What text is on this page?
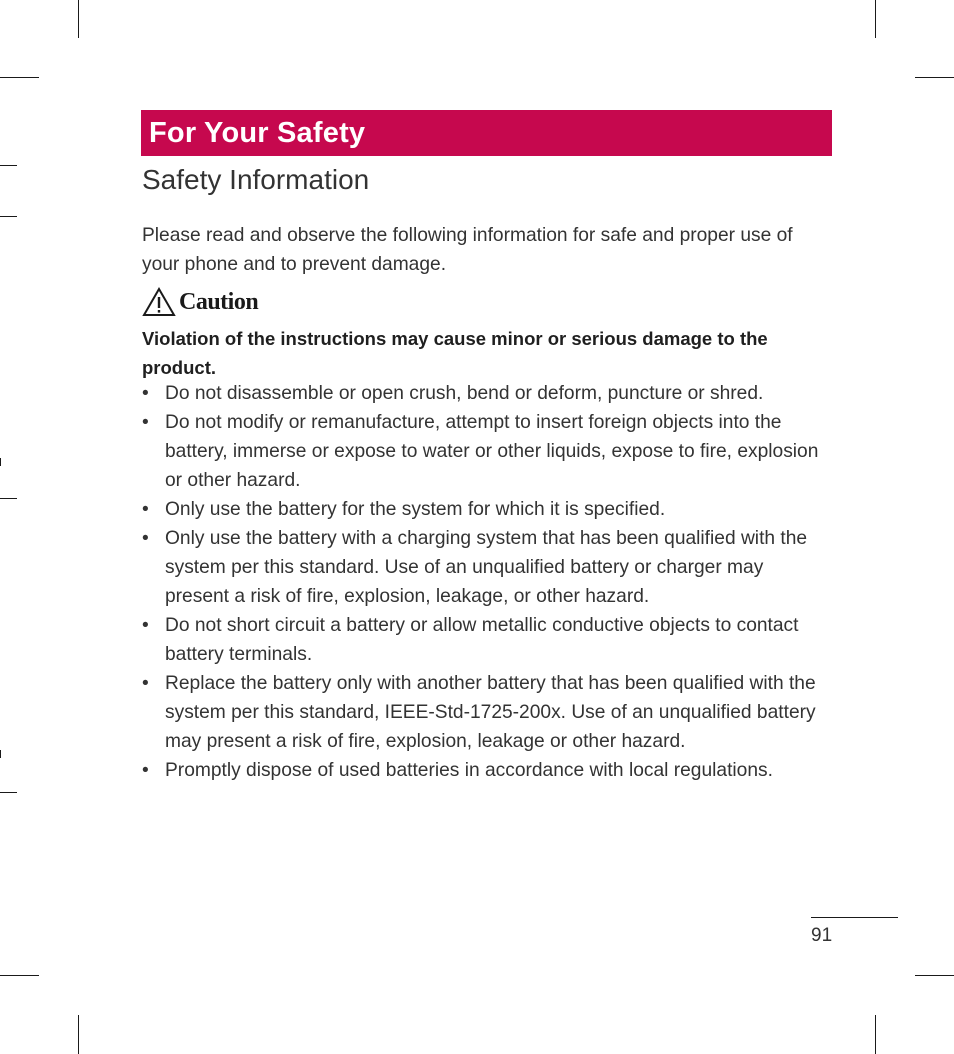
For Your Safety
Safety Information
Please read and observe the following information for safe and proper use of your phone and to prevent damage.
Caution
Violation of the instructions may cause minor or serious damage to the product.
• Do not disassemble or open crush, bend or deform, puncture or shred.
• Do not modify or remanufacture, attempt to insert foreign objects into the battery, immerse or expose to water or other liquids, expose to fire, explosion or other hazard.
• Only use the battery for the system for which it is specified.
• Only use the battery with a charging system that has been qualified with the system per this standard. Use of an unqualified battery or charger may present a risk of fire, explosion, leakage, or other hazard.
• Do not short circuit a battery or allow metallic conductive objects to contact battery terminals.
• Replace the battery only with another battery that has been qualified with the system per this standard, IEEE-Std-1725-200x. Use of an unqualified battery may present a risk of fire, explosion, leakage or other hazard.
• Promptly dispose of used batteries in accordance with local regulations.
91
